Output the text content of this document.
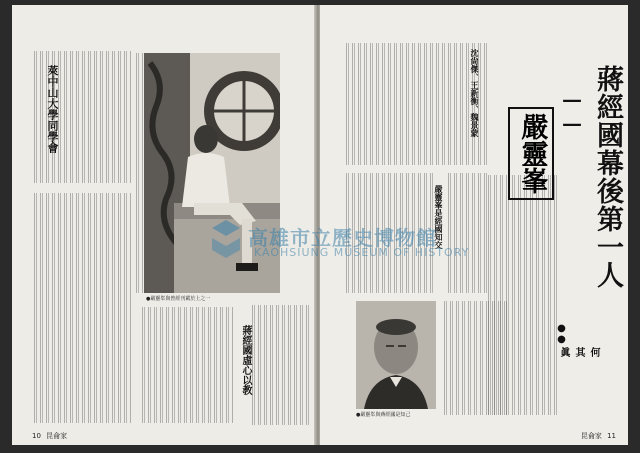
萊中山大學同學會

●嚴靈峯與曾經刊載於上之一

蔣經國虛心以教

10 昆侖家

沈尙傑、王新衡、魏景蒙

嚴靈峯是經國知交

●嚴靈峯與蔣經國是知己

蔣經國幕後第一人

——

嚴靈峯

●●

何其眞

昆侖家 11
高雄市立歷史博物館
KAOHSIUNG MUSEUM OF HISTORY
